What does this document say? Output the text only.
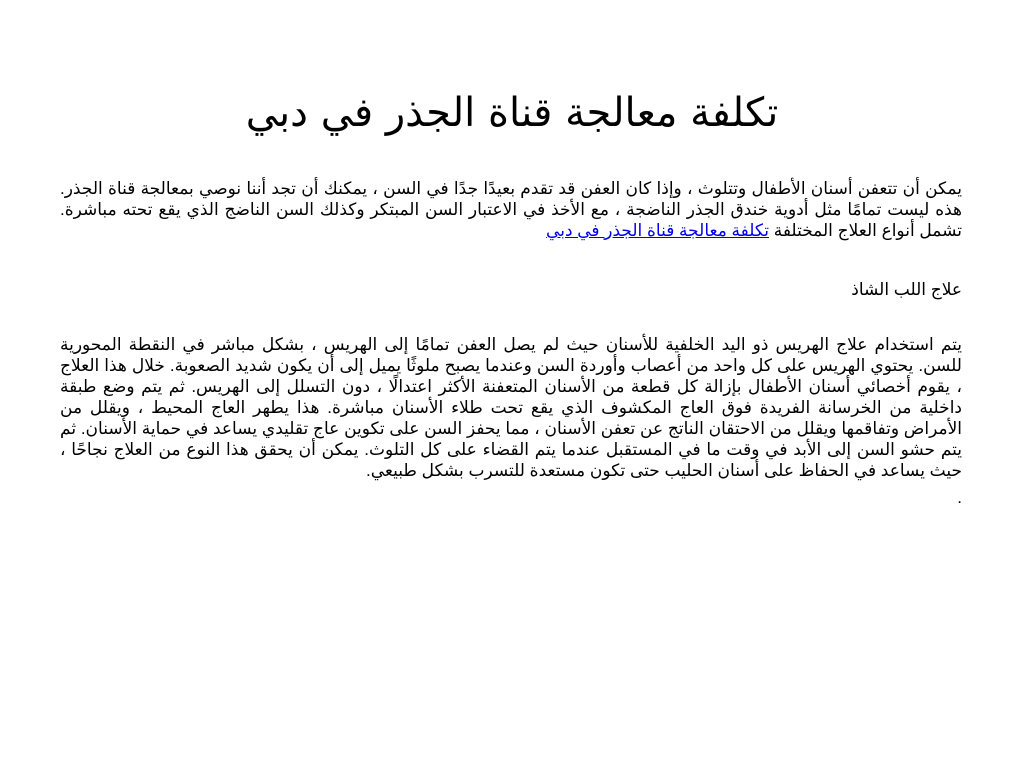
تكلفة معالجة قناة الجذر في دبي

يمكن أن تتعفن أسنان الأطفال وتتلوث ، وإذا كان العفن قد تقدم بعيدًا جدًا في السن ، يمكنك أن تجد أننا نوصي بمعالجة قناة الجذر. هذه ليست تمامًا مثل أدوية خندق الجذر الناضجة ، مع الأخذ في الاعتبار السن المبتكر وكذلك السن الناضج الذي يقع تحته مباشرة. تشمل أنواع العلاج المختلفة تكلفة معالجة قناة الجذر في دبي

علاج اللب الشاذ

يتم استخدام علاج الهريس ذو اليد الخلفية للأسنان حيث لم يصل العفن تمامًا إلى الهريس ، بشكل مباشر في النقطة المحورية للسن. يحتوي الهريس على كل واحد من أعصاب وأوردة السن وعندما يصبح ملوثًا يميل إلى أن يكون شديد الصعوبة. خلال هذا العلاج ، يقوم أخصائي أسنان الأطفال بإزالة كل قطعة من الأسنان المتعفنة الأكثر اعتدالًا ، دون التسلل إلى الهريس. ثم يتم وضع طبقة داخلية من الخرسانة الفريدة فوق العاج المكشوف الذي يقع تحت طلاء الأسنان مباشرة. هذا يطهر العاج المحيط ، ويقلل من الأمراض وتفاقمها ويقلل من الاحتقان الناتج عن تعفن الأسنان ، مما يحفز السن على تكوين عاج تقليدي يساعد في حماية الأسنان. ثم يتم حشو السن إلى الأبد في وقت ما في المستقبل عندما يتم القضاء على كل التلوث. يمكن أن يحقق هذا النوع من العلاج نجاحًا ، حيث يساعد في الحفاظ على أسنان الحليب حتى تكون مستعدة للتسرب بشكل طبيعي.

.
